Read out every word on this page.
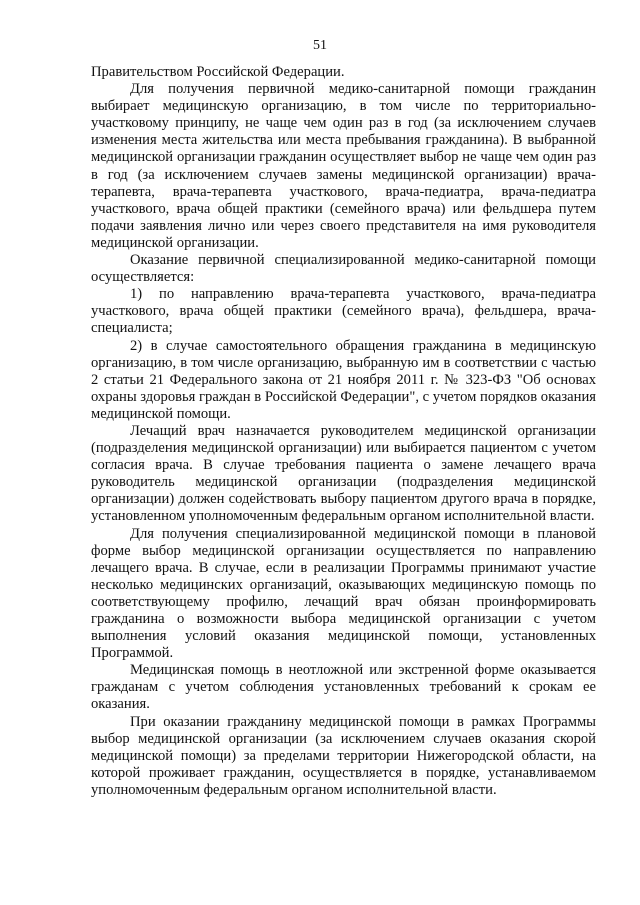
51

Правительством Российской Федерации.

Для получения первичной медико-санитарной помощи гражданин выбирает медицинскую организацию, в том числе по территориально-участковому принципу, не чаще чем один раз в год (за исключением случаев изменения места жительства или места пребывания гражданина). В выбранной медицинской организации гражданин осуществляет выбор не чаще чем один раз в год (за исключением случаев замены медицинской организации) врача-терапевта, врача-терапевта участкового, врача-педиатра, врача-педиатра участкового, врача общей практики (семейного врача) или фельдшера путем подачи заявления лично или через своего представителя на имя руководителя медицинской организации.

Оказание первичной специализированной медико-санитарной помощи осуществляется:

1) по направлению врача-терапевта участкового, врача-педиатра участкового, врача общей практики (семейного врача), фельдшера, врача-специалиста;

2) в случае самостоятельного обращения гражданина в медицинскую организацию, в том числе организацию, выбранную им в соответствии с частью 2 статьи 21 Федерального закона от 21 ноября 2011 г. № 323-ФЗ "Об основах охраны здоровья граждан в Российской Федерации", с учетом порядков оказания медицинской помощи.

Лечащий врач назначается руководителем медицинской организации (подразделения медицинской организации) или выбирается пациентом с учетом согласия врача. В случае требования пациента о замене лечащего врача руководитель медицинской организации (подразделения медицинской организации) должен содействовать выбору пациентом другого врача в порядке, установленном уполномоченным федеральным органом исполнительной власти.

Для получения специализированной медицинской помощи в плановой форме выбор медицинской организации осуществляется по направлению лечащего врача. В случае, если в реализации Программы принимают участие несколько медицинских организаций, оказывающих медицинскую помощь по соответствующему профилю, лечащий врач обязан проинформировать гражданина о возможности выбора медицинской организации с учетом выполнения условий оказания медицинской помощи, установленных Программой.

Медицинская помощь в неотложной или экстренной форме оказывается гражданам с учетом соблюдения установленных требований к срокам ее оказания.

При оказании гражданину медицинской помощи в рамках Программы выбор медицинской организации (за исключением случаев оказания скорой медицинской помощи) за пределами территории Нижегородской области, на которой проживает гражданин, осуществляется в порядке, устанавливаемом уполномоченным федеральным органом исполнительной власти.
